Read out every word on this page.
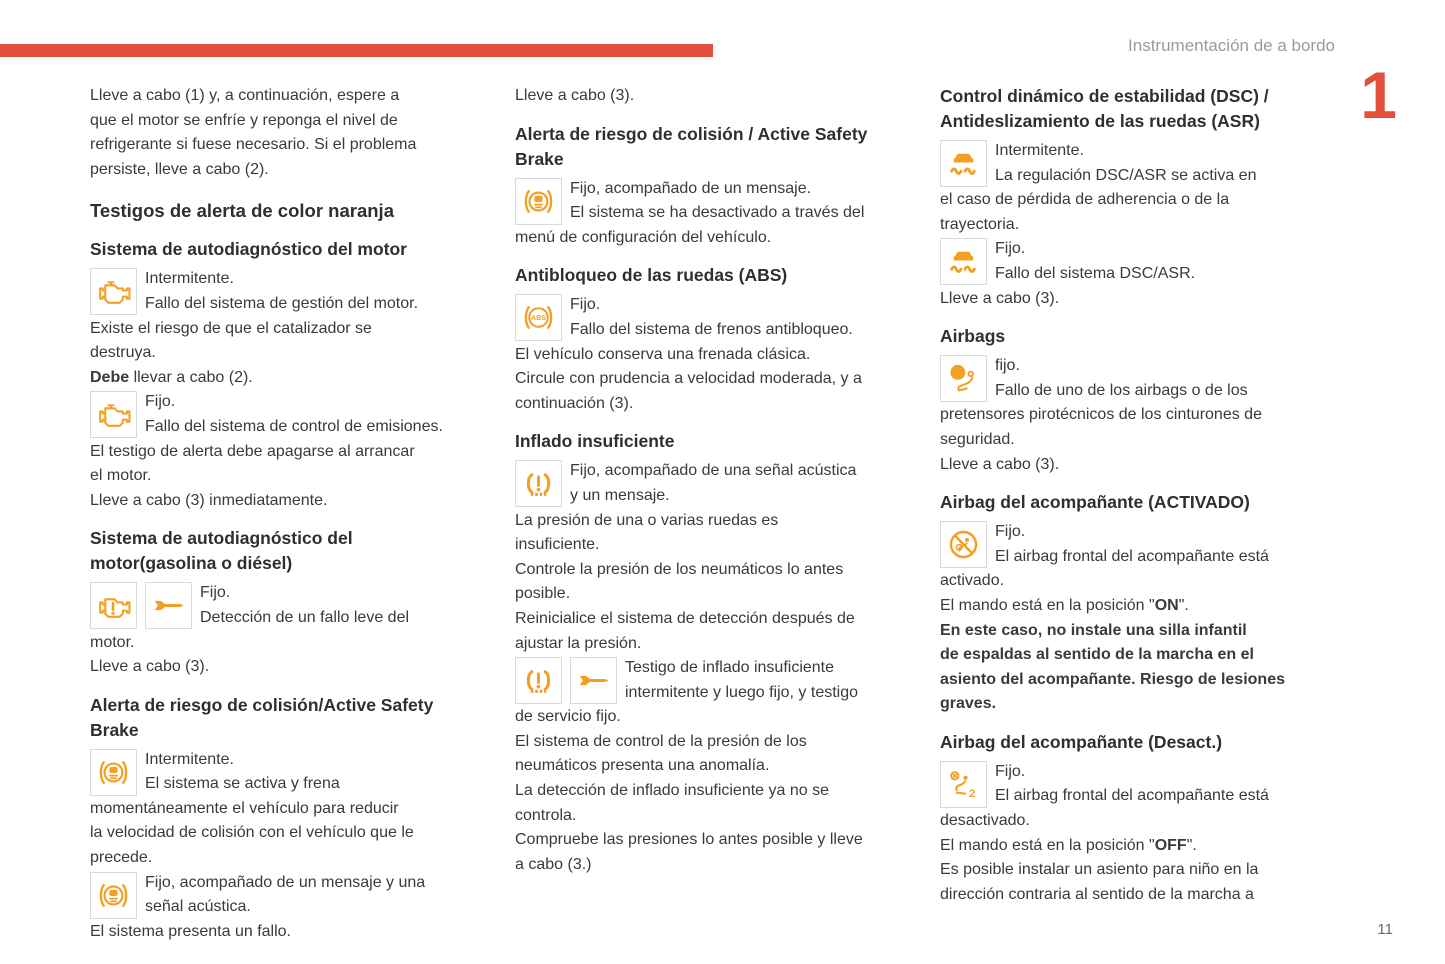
Instrumentación de a bordo
1
Lleve a cabo (1) y, a continuación, espere a
que el motor se enfríe y reponga el nivel de
refrigerante si fuese necesario. Si el problema
persiste, lleve a cabo (2).
Testigos de alerta de color naranja
Sistema de autodiagnóstico del motor
Intermitente.
Fallo del sistema de gestión del motor.
Existe el riesgo de que el catalizador se
destruya.
Debe llevar a cabo (2).
Fijo.
Fallo del sistema de control de emisiones.
El testigo de alerta debe apagarse al arrancar
el motor.
Lleve a cabo (3) inmediatamente.
Sistema de autodiagnóstico del
motor(gasolina o diésel)
Fijo.
Detección de un fallo leve del
motor.
Lleve a cabo (3).
Alerta de riesgo de colisión/Active Safety
Brake
Intermitente.
El sistema se activa y frena
momentáneamente el vehículo para reducir
la velocidad de colisión con el vehículo que le
precede.
Fijo, acompañado de un mensaje y una
señal acústica.
El sistema presenta un fallo.
Lleve a cabo (3).
Alerta de riesgo de colisión / Active Safety
Brake
Fijo, acompañado de un mensaje.
El sistema se ha desactivado a través del
menú de configuración del vehículo.
Antibloqueo de las ruedas (ABS)
ABS
Fijo.
Fallo del sistema de frenos antibloqueo.
El vehículo conserva una frenada clásica.
Circule con prudencia a velocidad moderada, y a
continuación (3).
Inflado insuficiente
Fijo, acompañado de una señal acústica
y un mensaje.
La presión de una o varias ruedas es
insuficiente.
Controle la presión de los neumáticos lo antes
posible.
Reinicialice el sistema de detección después de
ajustar la presión.
Testigo de inflado insuficiente
intermitente y luego fijo, y testigo
de servicio fijo.
El sistema de control de la presión de los
neumáticos presenta una anomalía.
La detección de inflado insuficiente ya no se
controla.
Compruebe las presiones lo antes posible y lleve
a cabo (3.)
Control dinámico de estabilidad (DSC) /
Antideslizamiento de las ruedas (ASR)
Intermitente.
La regulación DSC/ASR se activa en
el caso de pérdida de adherencia o de la
trayectoria.
Fijo.
Fallo del sistema DSC/ASR.
Lleve a cabo (3).
Airbags
fijo.
Fallo de uno de los airbags o de los
pretensores pirotécnicos de los cinturones de
seguridad.
Lleve a cabo (3).
Airbag del acompañante (ACTIVADO)
Fijo.
El airbag frontal del acompañante está
activado.
El mando está en la posición "ON".
En este caso, no instale una silla infantil
de espaldas al sentido de la marcha en el
asiento del acompañante. Riesgo de lesiones
graves.
Airbag del acompañante (Desact.)
2
Fijo.
El airbag frontal del acompañante está
desactivado.
El mando está en la posición "OFF".
Es posible instalar un asiento para niño en la
dirección contraria al sentido de la marcha a
11
